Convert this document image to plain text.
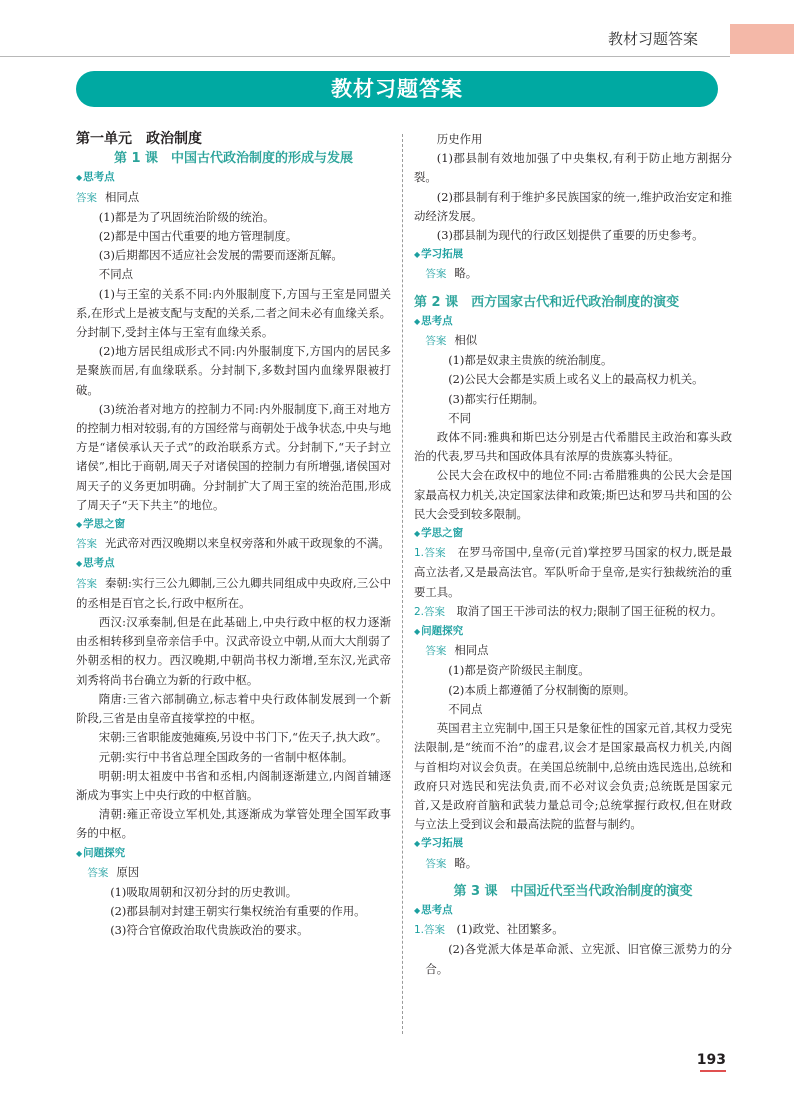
教材习题答案
教材习题答案

第一单元　政治制度

第 1 课　中国古代政治制度的形成与发展

◆ 思考点

答案 相同点

(1)都是为了巩固统治阶级的统治。

(2)都是中国古代重要的地方管理制度。

(3)后期都因不适应社会发展的需要而逐渐瓦解。

不同点

(1)与王室的关系不同:内外服制度下,方国与王室是同盟关系,在形式上是被支配与支配的关系,二者之间未必有血缘关系。分封制下,受封主体与王室有血缘关系。

(2)地方居民组成形式不同:内外服制度下,方国内的居民多是聚族而居,有血缘联系。分封制下,多数封国内血缘界限被打破。

(3)统治者对地方的控制力不同:内外服制度下,商王对地方的控制力相对较弱,有的方国经常与商朝处于战争状态,中央与地方是“诸侯承认天子式”的政治联系方式。分封制下,“天子封立诸侯”,相比于商朝,周天子对诸侯国的控制力有所增强,诸侯国对周天子的义务更加明确。分封制扩大了周王室的统治范围,形成了周天子“天下共主”的地位。

◆ 学思之窗

答案 光武帝对西汉晚期以来皇权旁落和外戚干政现象的不满。

◆ 思考点

答案 秦朝:实行三公九卿制,三公九卿共同组成中央政府,三公中的丞相是百官之长,行政中枢所在。

西汉:汉承秦制,但是在此基础上,中央行政中枢的权力逐渐由丞相转移到皇帝亲信手中。汉武帝设立中朝,从而大大削弱了外朝丞相的权力。西汉晚期,中朝尚书权力渐增,至东汉,光武帝刘秀将尚书台确立为新的行政中枢。

隋唐:三省六部制确立,标志着中央行政体制发展到一个新阶段,三省是由皇帝直接掌控的中枢。

宋朝:三省职能废弛瘫痪,另设中书门下,“佐天子,执大政”。

元朝:实行中书省总理全国政务的一省制中枢体制。

明朝:明太祖废中书省和丞相,内阁制逐渐建立,内阁首辅逐渐成为事实上中央行政的中枢首脑。

清朝:雍正帝设立军机处,其逐渐成为掌管处理全国军政事务的中枢。

◆ 问题探究

答案 原因

(1)吸取周朝和汉初分封的历史教训。

(2)郡县制对封建王朝实行集权统治有重要的作用。

(3)符合官僚政治取代贵族政治的要求。

历史作用

(1)郡县制有效地加强了中央集权,有利于防止地方割据分裂。

(2)郡县制有利于维护多民族国家的统一,维护政治安定和推动经济发展。

(3)郡县制为现代的行政区划提供了重要的历史参考。

◆ 学习拓展

答案 略。

第 2 课　西方国家古代和近代政治制度的演变

◆ 思考点

答案 相似

(1)都是奴隶主贵族的统治制度。

(2)公民大会都是实质上或名义上的最高权力机关。

(3)都实行任期制。

不同

政体不同:雅典和斯巴达分别是古代希腊民主政治和寡头政治的代表,罗马共和国政体具有浓厚的贵族寡头特征。

公民大会在政权中的地位不同:古希腊雅典的公民大会是国家最高权力机关,决定国家法律和政策;斯巴达和罗马共和国的公民大会受到较多限制。

◆ 学思之窗

1.答案　 在罗马帝国中,皇帝(元首)掌控罗马国家的权力,既是最高立法者,又是最高法官。军队听命于皇帝,是实行独裁统治的重要工具。

2.答案　 取消了国王干涉司法的权力;限制了国王征税的权力。

◆ 问题探究

答案 相同点

(1)都是资产阶级民主制度。

(2)本质上都遵循了分权制衡的原则。

不同点

英国君主立宪制中,国王只是象征性的国家元首,其权力受宪法限制,是“统而不治”的虚君,议会才是国家最高权力机关,内阁与首相均对议会负责。在美国总统制中,总统由选民选出,总统和政府只对选民和宪法负责,而不必对议会负责;总统既是国家元首,又是政府首脑和武装力量总司令;总统掌握行政权,但在财政与立法上受到议会和最高法院的监督与制约。

◆ 学习拓展

答案 略。

第 3 课　中国近代至当代政治制度的演变

◆ 思考点

1.答案　 (1)政党、社团繁多。

(2)各党派大体是革命派、立宪派、旧官僚三派势力的分合。

193
